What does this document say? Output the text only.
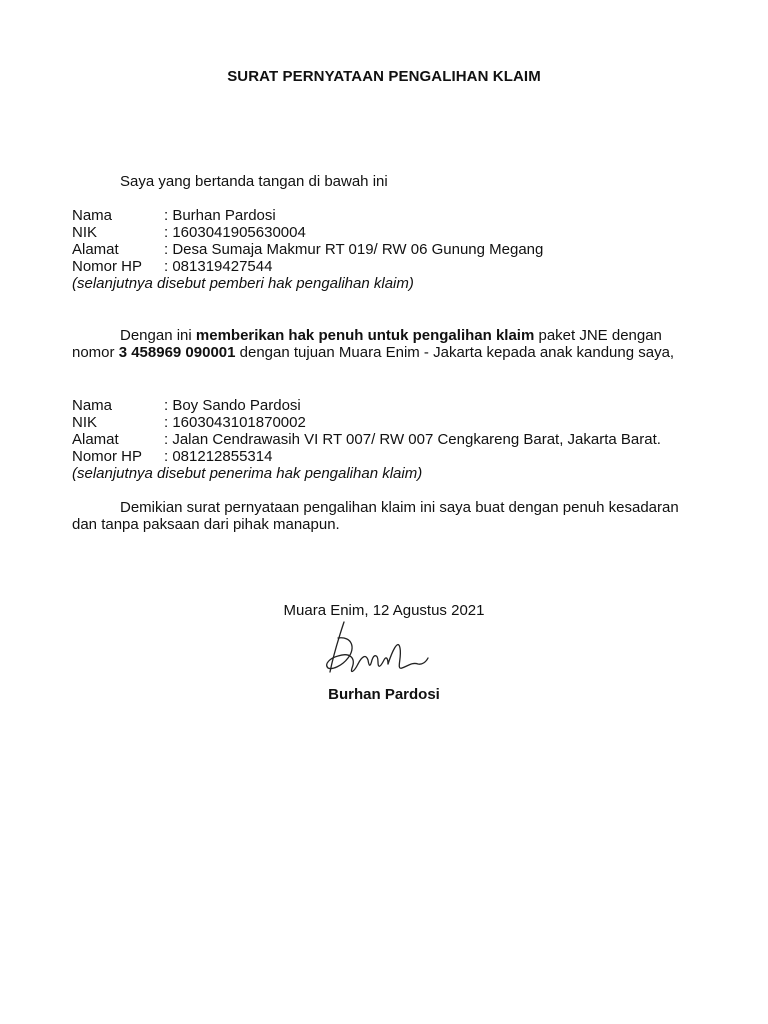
SURAT PERNYATAAN PENGALIHAN KLAIM
Saya yang bertanda tangan di bawah ini
Nama	: Burhan Pardosi
NIK	: 1603041905630004
Alamat	: Desa Sumaja Makmur RT 019/ RW 06 Gunung Megang
Nomor HP	: 081319427544
(selanjutnya disebut pemberi hak pengalihan klaim)
Dengan ini memberikan hak penuh untuk pengalihan klaim paket JNE dengan nomor 3 458969 090001 dengan tujuan Muara Enim - Jakarta kepada anak kandung saya,
Nama	: Boy Sando Pardosi
NIK	: 1603043101870002
Alamat	: Jalan Cendrawasih VI RT 007/ RW 007 Cengkareng Barat, Jakarta Barat.
Nomor HP	: 081212855314
(selanjutnya disebut penerima hak pengalihan klaim)
Demikian surat pernyataan pengalihan klaim ini saya buat dengan penuh kesadaran dan tanpa paksaan dari pihak manapun.
Muara Enim, 12 Agustus 2021
Burhan Pardosi
